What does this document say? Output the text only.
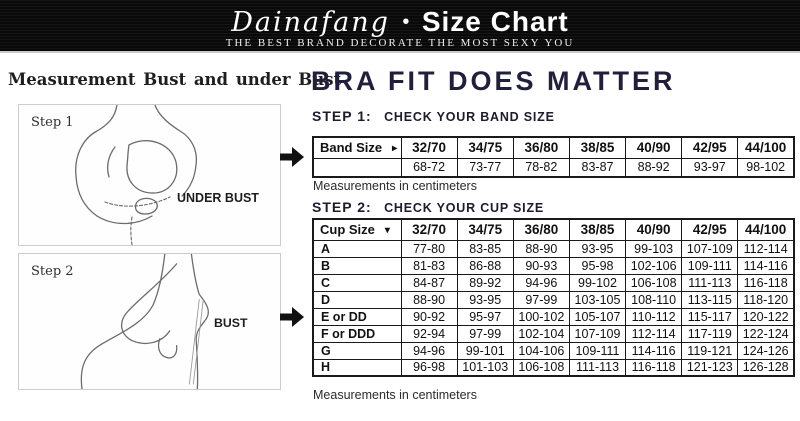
Dainafang • Size Chart
THE BEST BRAND DECORATE THE MOST SEXY YOU
Measurement Bust and under Bust
UNDER BUST
Step 1
BUST
Step 2
BRA FIT DOES MATTER
STEP 1: CHECK YOUR BAND SIZE
Band Size ▸	32/70	34/75	36/80	38/85	40/90	42/95	44/100
	68-72	73-77	78-82	83-87	88-92	93-97	98-102
Measurements in centimeters
STEP 2: CHECK YOUR CUP SIZE
Cup Size ▾	32/70	34/75	36/80	38/85	40/90	42/95	44/100
A	77-80	83-85	88-90	93-95	99-103	107-109	112-114
B	81-83	86-88	90-93	95-98	102-106	109-111	114-116
C	84-87	89-92	94-96	99-102	106-108	111-113	116-118
D	88-90	93-95	97-99	103-105	108-110	113-115	118-120
E or DD	90-92	95-97	100-102	105-107	110-112	115-117	120-122
F or DDD	92-94	97-99	102-104	107-109	112-114	117-119	122-124
G	94-96	99-101	104-106	109-111	114-116	119-121	124-126
H	96-98	101-103	106-108	111-113	116-118	121-123	126-128
Measurements in centimeters
